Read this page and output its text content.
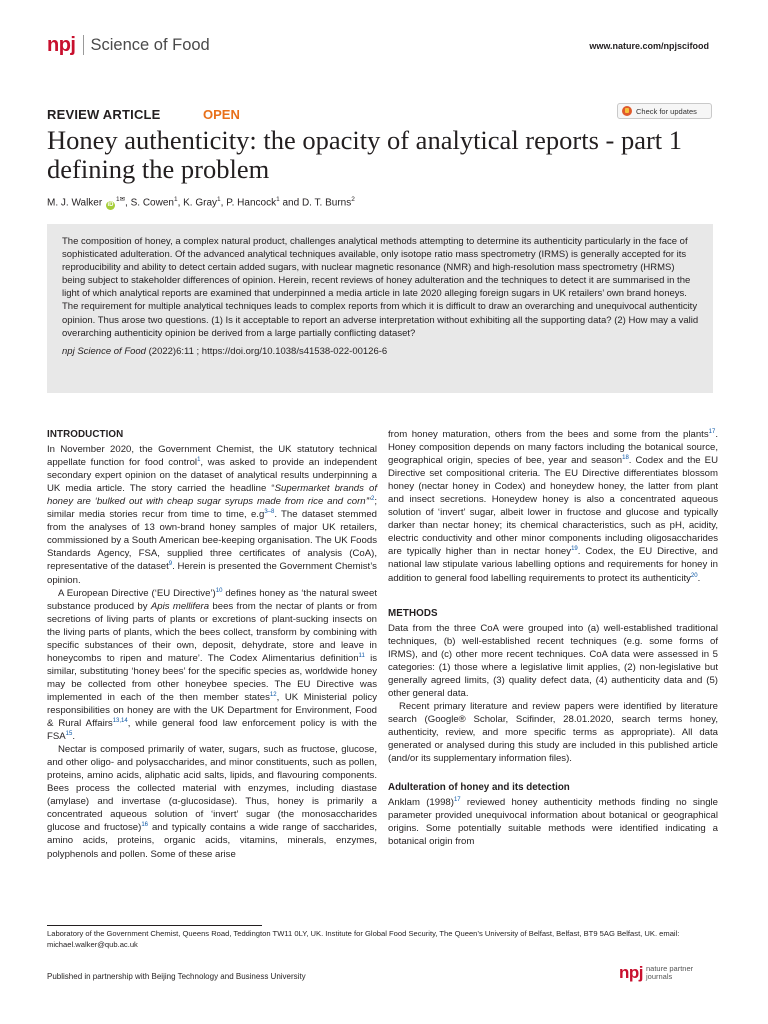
npj Science of Food	www.nature.com/npjscifood
REVIEW ARTICLE	OPEN	Check for updates
Honey authenticity: the opacity of analytical reports - part 1 defining the problem
M. J. Walker $iD^{1✉}$, S. Cowen$^1$, K. Gray$^1$, P. Hancock$^1$ and D. T. Burns$^2$

The composition of honey, a complex natural product, challenges analytical methods attempting to determine its authenticity particularly in the face of sophisticated adulteration. Of the advanced analytical techniques available, only isotope ratio mass spectrometry (IRMS) is generally accepted for its reproducibility and ability to detect certain added sugars, with nuclear magnetic resonance (NMR) and high-resolution mass spectrometry (HRMS) being subject to stakeholder differences of opinion. Herein, recent reviews of honey adulteration and the techniques to detect it are summarised in the light of which analytical reports are examined that underpinned a media article in late 2020 alleging foreign sugars in UK retailers’ own brand honeys. The requirement for multiple analytical techniques leads to complex reports from which it is difficult to draw an overarching and unequivocal authenticity opinion. Thus arose two questions. (1) Is it acceptable to report an adverse interpretation without exhibiting all the supporting data? (2) How may a valid overarching authenticity opinion be derived from a large partially conflicting dataset?

npj Science of Food (2022)6:11 ; https://doi.org/10.1038/s41538-022-00126-6
INTRODUCTION

In November 2020, the Government Chemist, the UK statutory technical appellate function for food control$^1$, was asked to provide an independent secondary expert opinion on the dataset of analytical results underpinning a UK media article. The story carried the headline “Supermarket brands of honey are ‘bulked out with cheap sugar syrups made from rice and corn’”$^2$; similar media stories recur from time to time, $e.g^{3-8}$. The dataset stemmed from the analyses of 13 own-brand honey samples of major UK retailers, commissioned by a South American bee-keeping organisation. The UK Foods Standards Agency, FSA, supplied three certificates of analysis (CoA), representative of the dataset$^9$. Herein is presented the Government Chemist’s opinion.

A European Directive (‘EU Directive’)$^{10}$ defines honey as ‘the natural sweet substance produced by Apis mellifera bees from the nectar of plants or from secretions of living parts of plants or excretions of plant-sucking insects on the living parts of plants, which the bees collect, transform by combining with specific substances of their own, deposit, dehydrate, store and leave in honeycombs to ripen and mature’. The Codex Alimentarius definition$^{11}$ is similar, substituting ‘honey bees’ for the specific species as, worldwide honey may be collected from other honeybee species. The EU Directive was implemented in each of the then member states$^{12}$, UK Ministerial policy responsibilities on honey are with the UK Department for Environment, Food & Rural Affairs$^{13,14}$, while general food law enforcement policy is with the FSA$^{15}$.

Nectar is composed primarily of water, sugars, such as fructose, glucose, and other oligo- and polysaccharides, and minor constituents, such as pollen, proteins, amino acids, aliphatic acid salts, lipids, and flavouring components. Bees process the collected material with enzymes, including diastase (amylase) and invertase (α-glucosidase). Thus, honey is primarily a concentrated aqueous solution of ‘invert’ sugar (the monosaccharides glucose and fructose)$^{16}$ and typically contains a wide range of saccharides, amino acids, proteins, organic acids, vitamins, minerals, enzymes, polyphenols and pollen. Some of these arise

from honey maturation, others from the bees and some from the plants$^{17}$. Honey composition depends on many factors including the botanical source, geographical origin, species of bee, year and season$^{18}$. Codex and the EU Directive set compositional criteria. The EU Directive differentiates blossom honey (nectar honey in Codex) and honeydew honey, the latter from plant and insect secretions. Honeydew honey is also a concentrated aqueous solution of ‘invert’ sugar, albeit lower in fructose and glucose and typically darker than nectar honey; its chemical characteristics, such as pH, acidity, electric conductivity and other minor components including oligosaccharides are typically higher than in nectar honey$^{19}$. Codex, the EU Directive, and national law stipulate various labelling options and requirements for honey in addition to general food labelling requirements to protect its authenticity$^{20}$.

METHODS

Data from the three CoA were grouped into (a) well-established traditional techniques, (b) well-established recent techniques (e.g. some forms of IRMS), and (c) other more recent techniques. CoA data were assessed in 5 categories: (1) those where a legislative limit applies, (2) non-legislative but generally agreed limits, (3) quality defect data, (4) authenticity data and (5) other general data.

Recent primary literature and review papers were identified by literature search (Google® Scholar, Scifinder, 28.01.2020, search terms honey, authenticity, review, and more specific terms as appropriate). All data generated or analysed during this study are included in this published article (and/or its supplementary information files).

Adulteration of honey and its detection

Anklam $(1998)^{17}$ reviewed honey authenticity methods finding no single parameter provided unequivocal information about botanical or geographical origins. Some potentially suitable methods were identified indicating a botanical origin from

Laboratory of the Government Chemist, Queens Road, Teddington TW11 0LY, UK. Institute for Global Food Security, The Queen’s University of Belfast, Belfast, BT9 5AG Belfast, UK. email: michael.walker@qub.ac.uk
Published in partnership with Beijing Technology and Business University	npj nature partner
journals
